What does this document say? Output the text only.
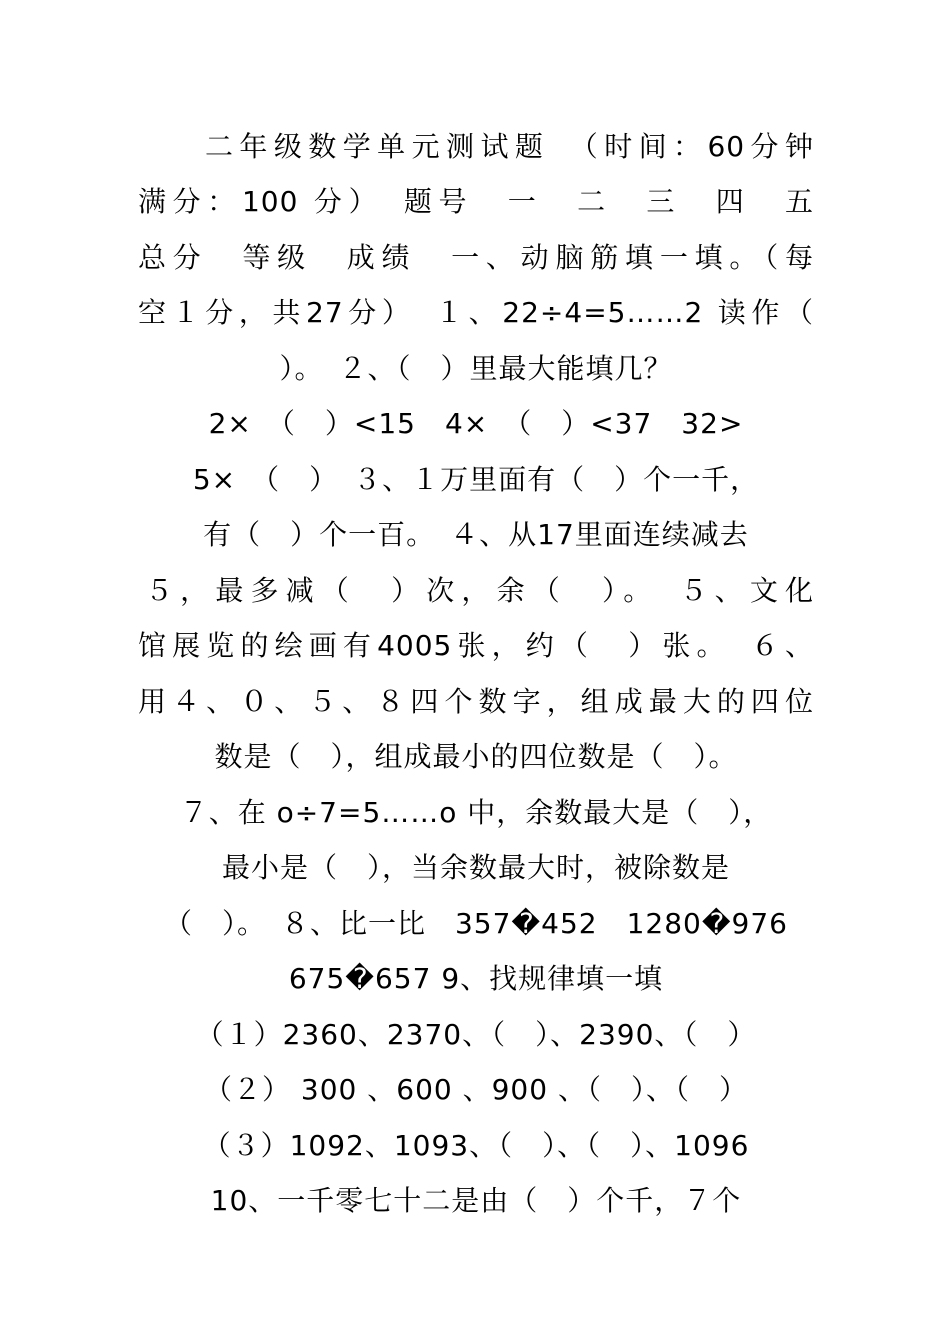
二年级数学单元测试题　（时间：60分钟
满分：100 分）　题号　一　二　三　四　五
总分　等级　成绩　一、动脑筋填一填。（每
空１分，共27分）　１、22÷4=5……2 读作（
）。　２、（　）里最大能填几？
2×　（　）<15　4×　（　）<37　32>
5×　（　）　３、１万里面有（　）个一千，
有（　）个一百。　４、从17里面连续减去
５，最多减（　）次，余（　）。　５、文化
馆展览的绘画有4005张，约（　）张。　６、
用４、０、５、８四个数字，组成最大的四位
数是（　），组成最小的四位数是（　）。
７、在 o÷7=5……o 中，余数最大是（　），
最小是（　），当余数最大时，被除数是
（　）。　８、比一比　357�452　1280�976
675�657 9、找规律填一填
（１）2360、2370、（　）、2390、（　）
（２） 300 、600 、900 、（　）、（　）
（３）1092、1093、（　）、（　）、1096
10、一千零七十二是由（　）个千，７个
